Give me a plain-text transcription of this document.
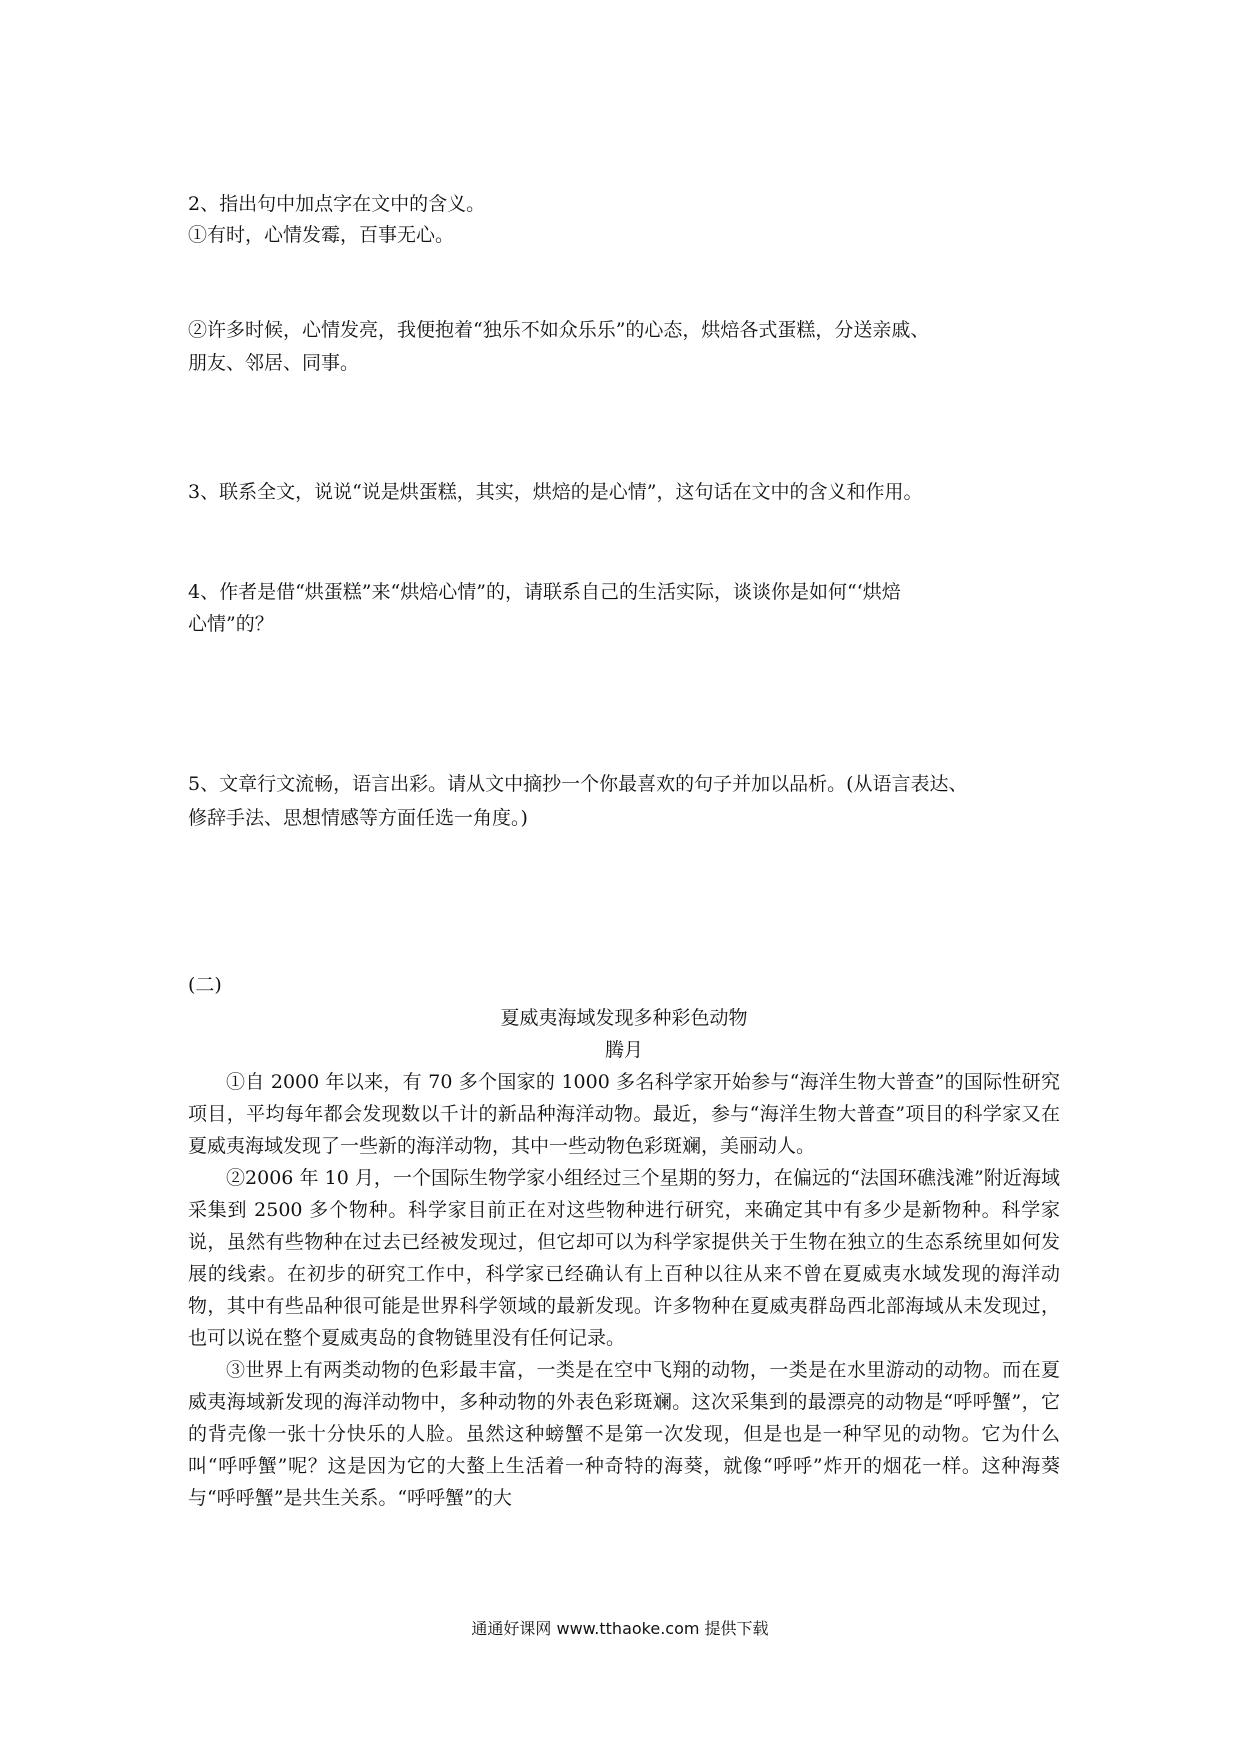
2、指出句中加点字在文中的含义。
①有时，心情发霉，百事无心。
②许多时候，心情发亮，我便抱着“独乐不如众乐乐”的心态，烘焙各式蛋糕，分送亲戚、
朋友、邻居、同事。
3、联系全文，说说“说是烘蛋糕，其实，烘焙的是心情”，这句话在文中的含义和作用。
4、作者是借“烘蛋糕”来“烘焙心情”的，请联系自己的生活实际，谈谈你是如何“‘烘焙
心情”的？
5、文章行文流畅，语言出彩。请从文中摘抄一个你最喜欢的句子并加以品析。(从语言表达、
修辞手法、思想情感等方面任选一角度。)
(二)
夏威夷海域发现多种彩色动物
腾月

①自 2000 年以来，有 70 多个国家的 1000 多名科学家开始参与“海洋生物大普查”的国际性研究项目，平均每年都会发现数以千计的新品种海洋动物。最近，参与“海洋生物大普查”项目的科学家又在夏威夷海域发现了一些新的海洋动物，其中一些动物色彩斑斓，美丽动人。

②2006 年 10 月，一个国际生物学家小组经过三个星期的努力，在偏远的“法国环礁浅滩”附近海域采集到 2500 多个物种。科学家目前正在对这些物种进行研究，来确定其中有多少是新物种。科学家说，虽然有些物种在过去已经被发现过，但它却可以为科学家提供关于生物在独立的生态系统里如何发展的线索。在初步的研究工作中，科学家已经确认有上百种以往从来不曾在夏威夷水域发现的海洋动物，其中有些品种很可能是世界科学领域的最新发现。许多物种在夏威夷群岛西北部海域从未发现过，也可以说在整个夏威夷岛的食物链里没有任何记录。

③世界上有两类动物的色彩最丰富，一类是在空中飞翔的动物，一类是在水里游动的动物。而在夏威夷海域新发现的海洋动物中，多种动物的外表色彩斑斓。这次采集到的最漂亮的动物是“呼呼蟹”，它的背壳像一张十分快乐的人脸。虽然这种螃蟹不是第一次发现，但是也是一种罕见的动物。它为什么叫“呼呼蟹”呢？这是因为它的大螯上生活着一种奇特的海葵，就像“呼呼”炸开的烟花一样。这种海葵与“呼呼蟹”是共生关系。“呼呼蟹”的大

通通好课网 www.tthaoke.com 提供下载
